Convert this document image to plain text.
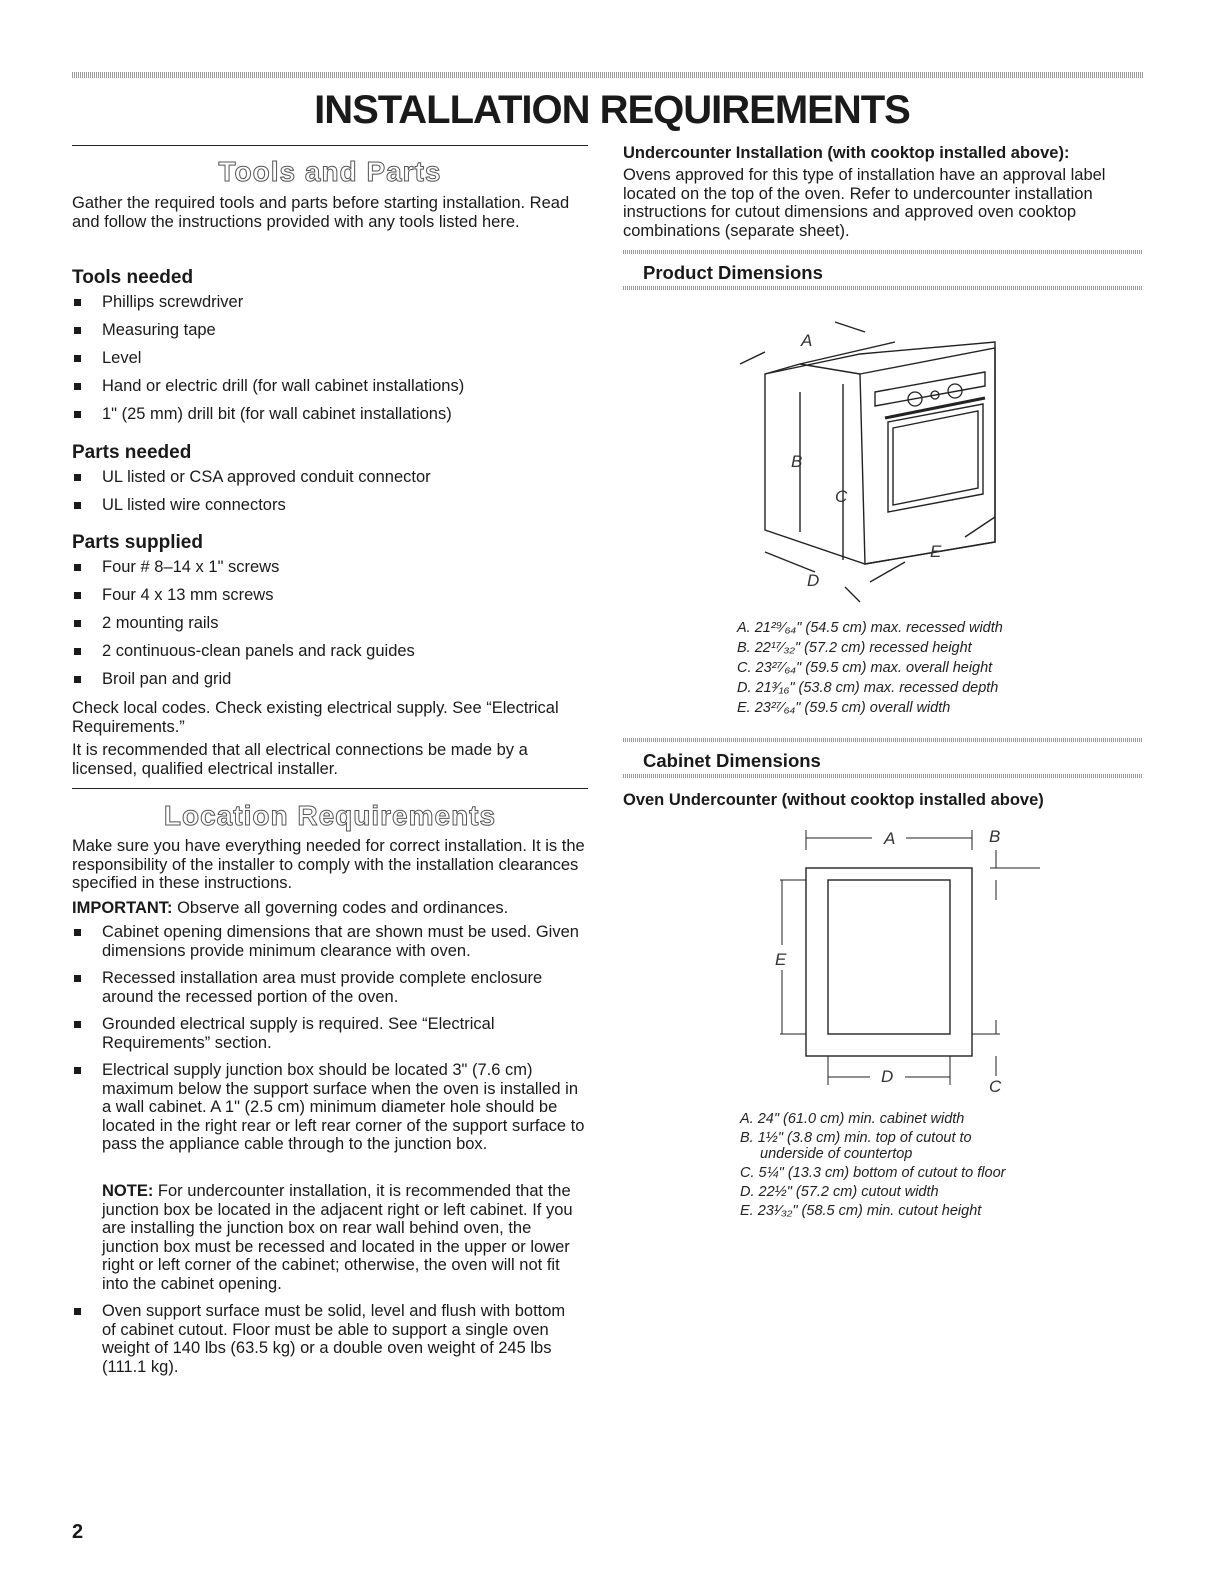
INSTALLATION REQUIREMENTS
Tools and Parts
Gather the required tools and parts before starting installation. Read and follow the instructions provided with any tools listed here.
Tools needed
Phillips screwdriver
Measuring tape
Level
Hand or electric drill (for wall cabinet installations)
1" (25 mm) drill bit (for wall cabinet installations)
Parts needed
UL listed or CSA approved conduit connector
UL listed wire connectors
Parts supplied
Four # 8–14 x 1" screws
Four 4 x 13 mm screws
2 mounting rails
2 continuous-clean panels and rack guides
Broil pan and grid
Check local codes. Check existing electrical supply. See “Electrical Requirements.”
It is recommended that all electrical connections be made by a licensed, qualified electrical installer.
Location Requirements
Make sure you have everything needed for correct installation. It is the responsibility of the installer to comply with the installation clearances specified in these instructions.
IMPORTANT: Observe all governing codes and ordinances.
Cabinet opening dimensions that are shown must be used. Given dimensions provide minimum clearance with oven.
Recessed installation area must provide complete enclosure around the recessed portion of the oven.
Grounded electrical supply is required. See “Electrical Requirements” section.
Electrical supply junction box should be located 3" (7.6 cm) maximum below the support surface when the oven is installed in a wall cabinet. A 1" (2.5 cm) minimum diameter hole should be located in the right rear or left rear corner of the support surface to pass the appliance cable through to the junction box.
NOTE: For undercounter installation, it is recommended that the junction box be located in the adjacent right or left cabinet. If you are installing the junction box on rear wall behind oven, the junction box must be recessed and located in the upper or lower right or left corner of the cabinet; otherwise, the oven will not fit into the cabinet opening.
Oven support surface must be solid, level and flush with bottom of cabinet cutout. Floor must be able to support a single oven weight of 140 lbs (63.5 kg) or a double oven weight of 245 lbs (111.1 kg).
2
Undercounter Installation (with cooktop installed above):
Ovens approved for this type of installation have an approval label located on the top of the oven. Refer to undercounter installation instructions for cutout dimensions and approved oven cooktop combinations (separate sheet).
Product Dimensions
A
B
C
D
E
A. 21²⁹⁄₆₄" (54.5 cm) max. recessed width
B. 22¹⁷⁄₃₂" (57.2 cm) recessed height
C. 23²⁷⁄₆₄" (59.5 cm) max. overall height
D. 21³⁄₁₆" (53.8 cm) max. recessed depth
E. 23²⁷⁄₆₄" (59.5 cm) overall width
Cabinet Dimensions
Oven Undercounter (without cooktop installed above)
A	B
E
D
C
A. 24" (61.0 cm) min. cabinet width
B. 1½" (3.8 cm) min. top of cutout to
underside of countertop
C. 5¼" (13.3 cm) bottom of cutout to floor
D. 22½" (57.2 cm) cutout width
E. 23¹⁄₃₂" (58.5 cm) min. cutout height
